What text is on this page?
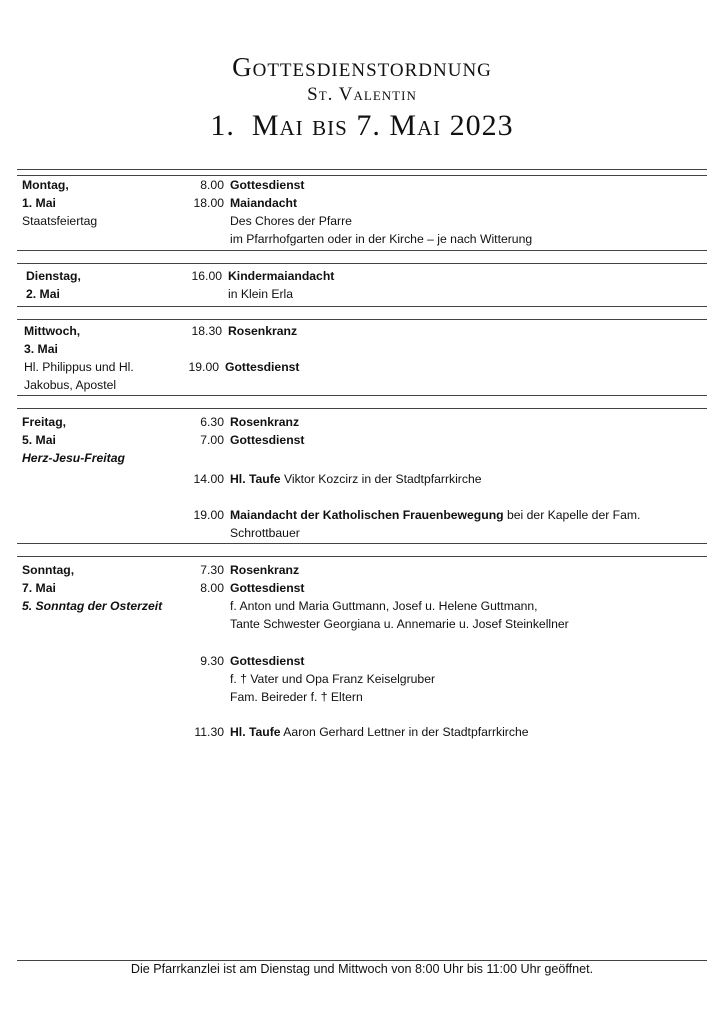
Gottesdienstordnung
St. Valentin
1.  Mai bis 7. Mai 2023
Montag,
1. Mai
Staatsfeiertag
8.00 Gottesdienst
18.00 Maiandacht
Des Chores der Pfarre
im Pfarrhofgarten oder in der Kirche – je nach Witterung
Dienstag,
2. Mai
16.00 Kindermaiandacht
in Klein Erla
Mittwoch,
3. Mai
Hl. Philippus und Hl.
Jakobus, Apostel
18.30 Rosenkranz
19.00 Gottesdienst
Freitag,
5. Mai
Herz-Jesu-Freitag
6.30 Rosenkranz
7.00 Gottesdienst
14.00 Hl. Taufe Viktor Kozcirz in der Stadtpfarrkirche
19.00 Maiandacht der Katholischen Frauenbewegung bei der Kapelle der Fam.
Schrottbauer
Sonntag,
7. Mai
5. Sonntag der Osterzeit
7.30 Rosenkranz
8.00 Gottesdienst
f. Anton und Maria Guttmann, Josef u. Helene Guttmann,
Tante Schwester Georgiana u. Annemarie u. Josef Steinkellner
9.30 Gottesdienst
f. † Vater und Opa Franz Keiselgruber
Fam. Beireder f. † Eltern
11.30 Hl. Taufe Aaron Gerhard Lettner in der Stadtpfarrkirche
Die Pfarrkanzlei ist am Dienstag und Mittwoch von 8:00 Uhr bis 11:00 Uhr geöffnet.
